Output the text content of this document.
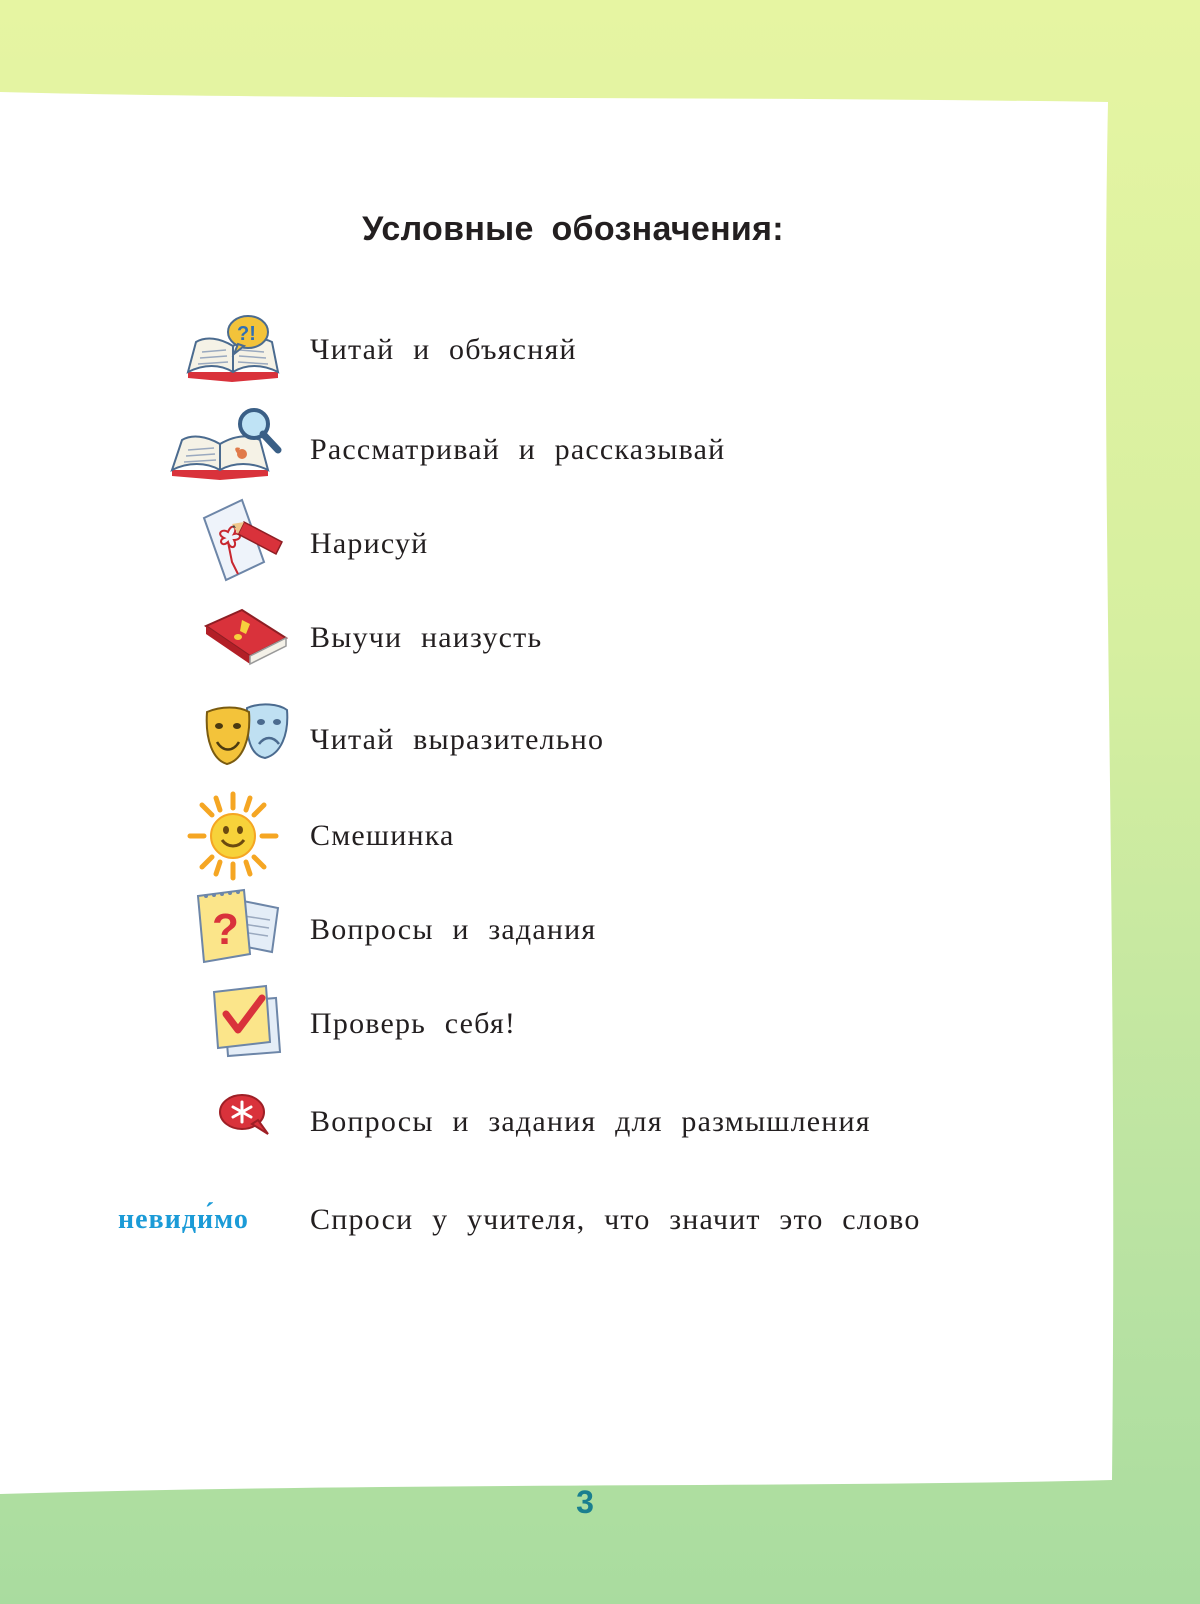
Условные обозначения:
?! Читай и объясняй
Рассматривай и рассказывай
Нарисуй
Выучи наизусть
Читай выразительно
Смешинка
? Вопросы и задания
Проверь себя!
Вопросы и задания для размышления
невиди́мо Спроси у учителя, что значит это слово
3
